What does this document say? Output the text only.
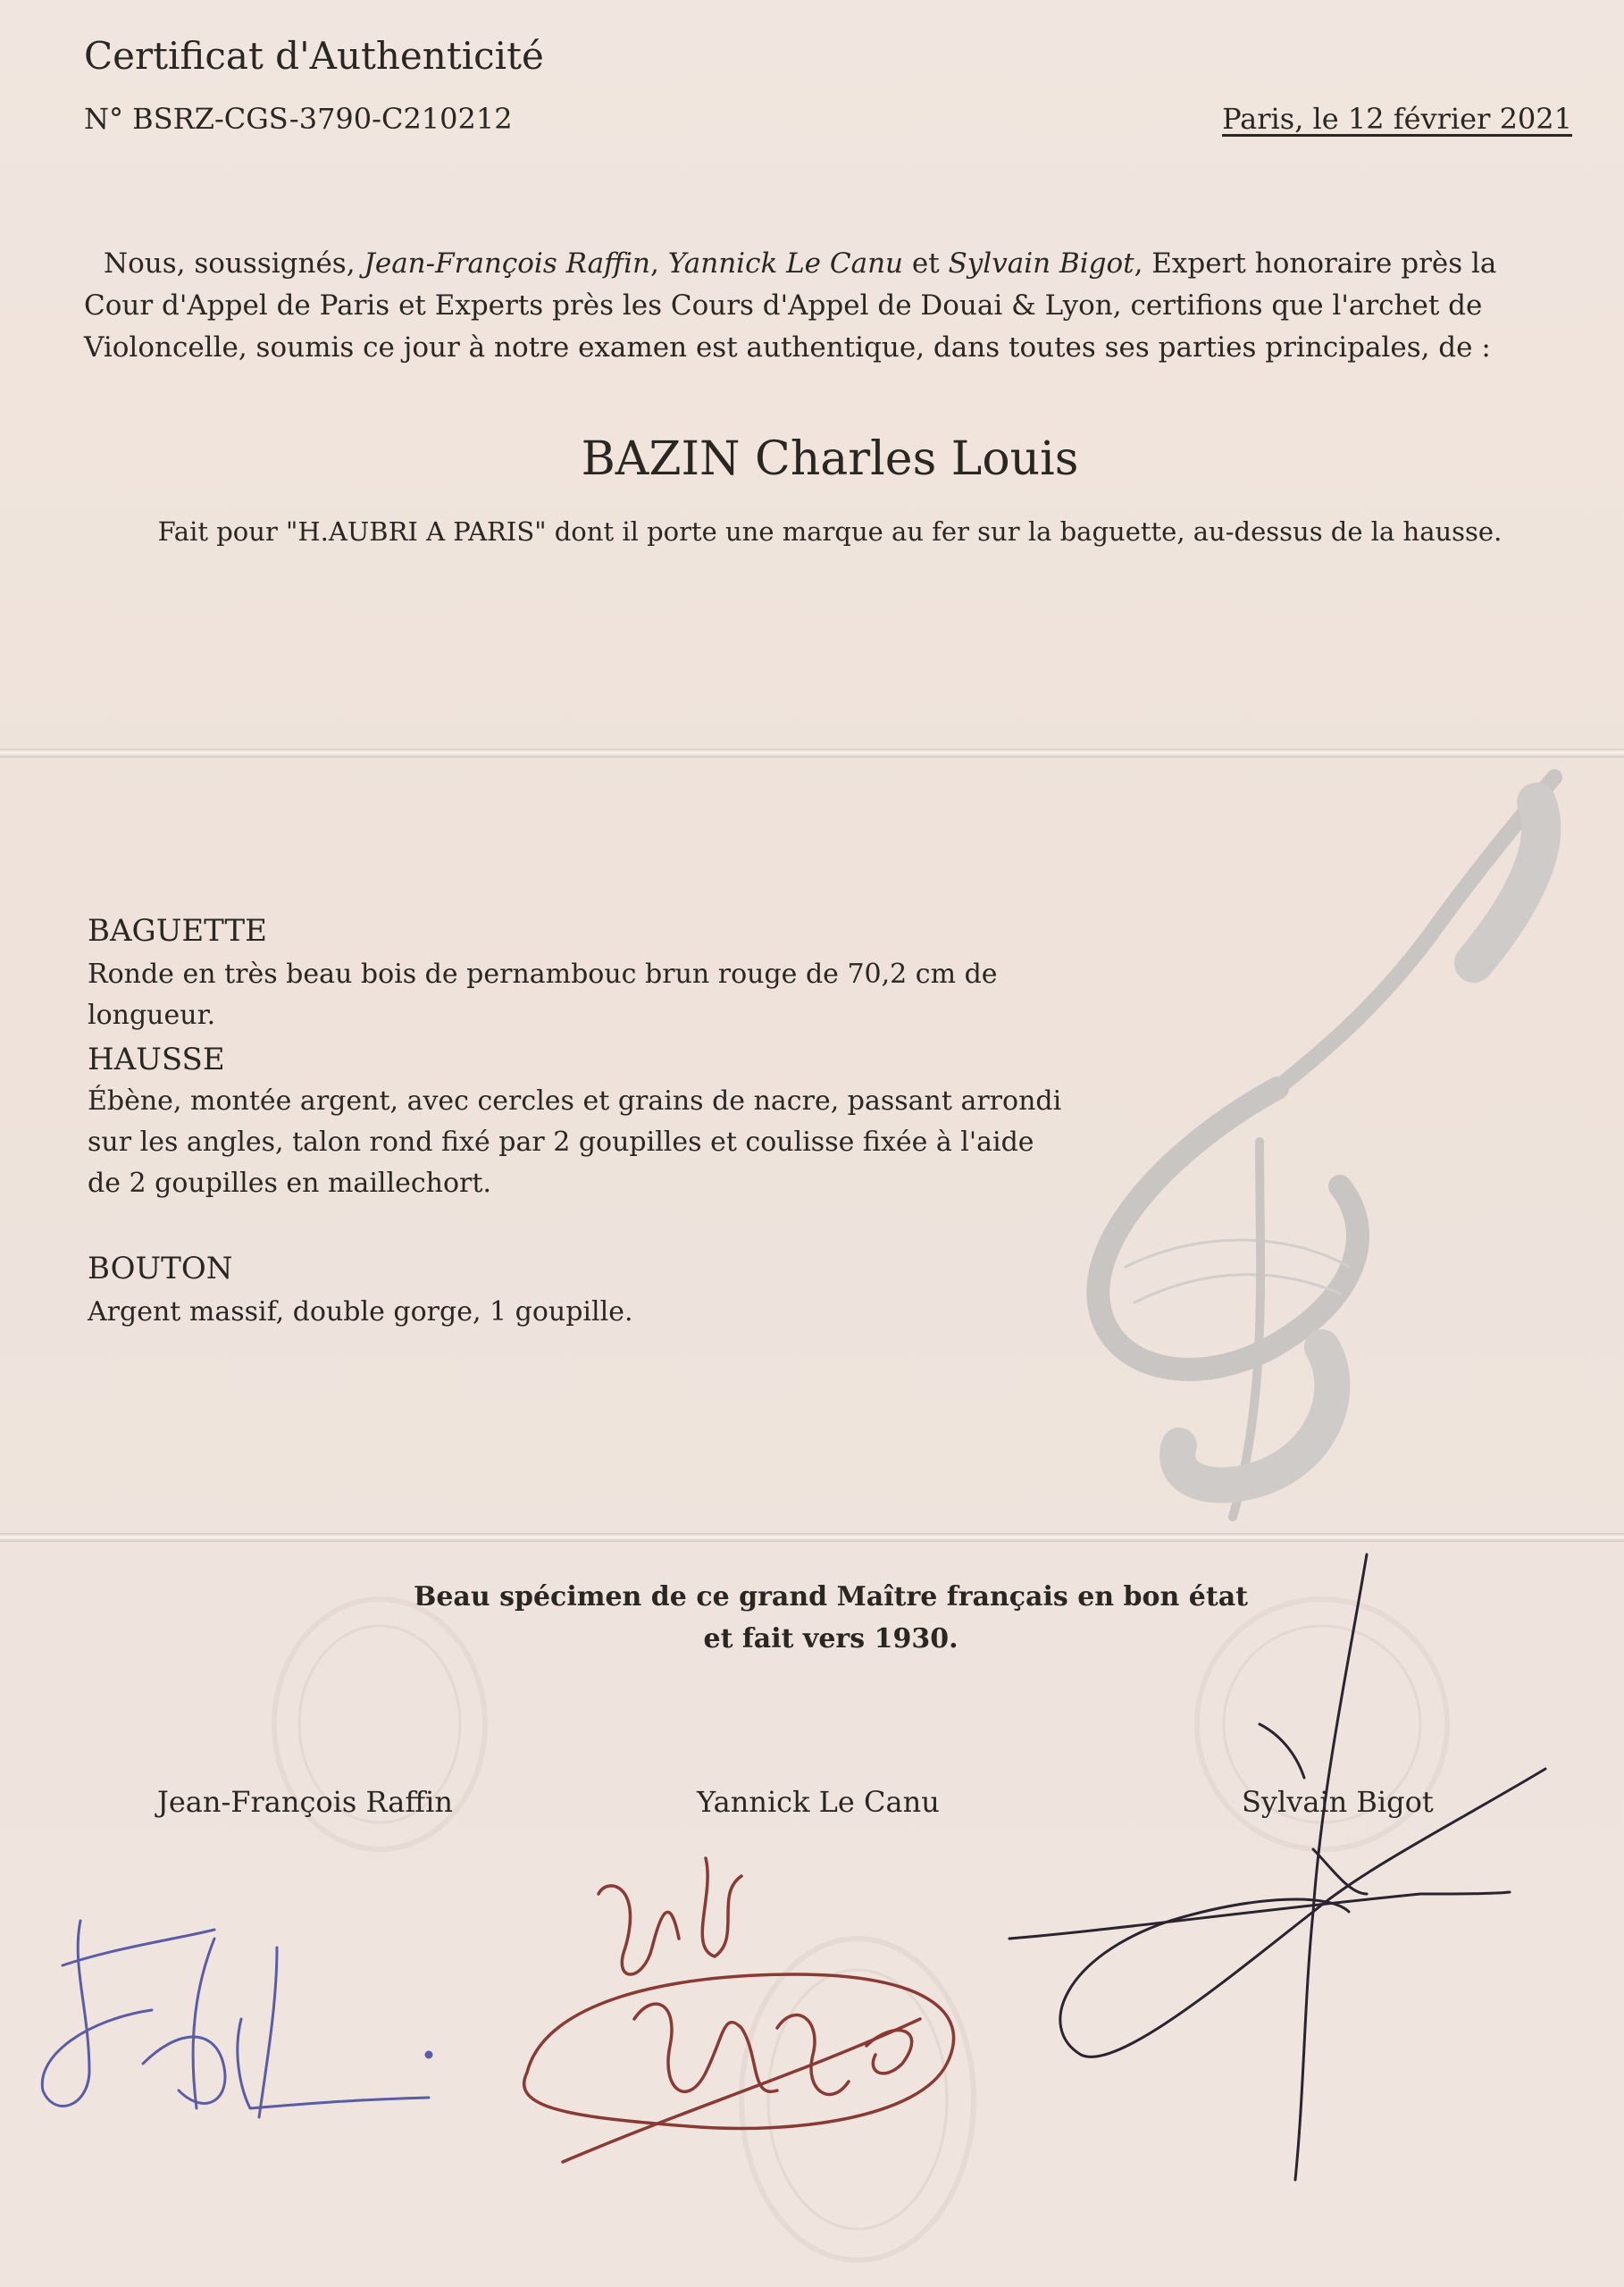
Certificat d'Authenticité
N° BSRZ-CGS-3790-C210212	Paris, le 12 février 2021
Nous, soussignés, Jean-François Raffin, Yannick Le Canu et Sylvain Bigot, Expert honoraire près la Cour d'Appel de Paris et Experts près les Cours d'Appel de Douai & Lyon, certifions que l'archet de Violoncelle, soumis ce jour à notre examen est authentique, dans toutes ses parties principales, de :
BAZIN Charles Louis
Fait pour "H.AUBRI A PARIS" dont il porte une marque au fer sur la baguette, au-dessus de la hausse.
BAGUETTE
Ronde en très beau bois de pernambouc brun rouge de 70,2 cm de longueur.
HAUSSE
Ébène, montée argent, avec cercles et grains de nacre, passant arrondi sur les angles, talon rond fixé par 2 goupilles et coulisse fixée à l'aide de 2 goupilles en maillechort.
BOUTON
Argent massif, double gorge, 1 goupille.
Beau spécimen de ce grand Maître français en bon état et fait vers 1930.
Jean-François Raffin	Yannick Le Canu	Sylvain Bigot
